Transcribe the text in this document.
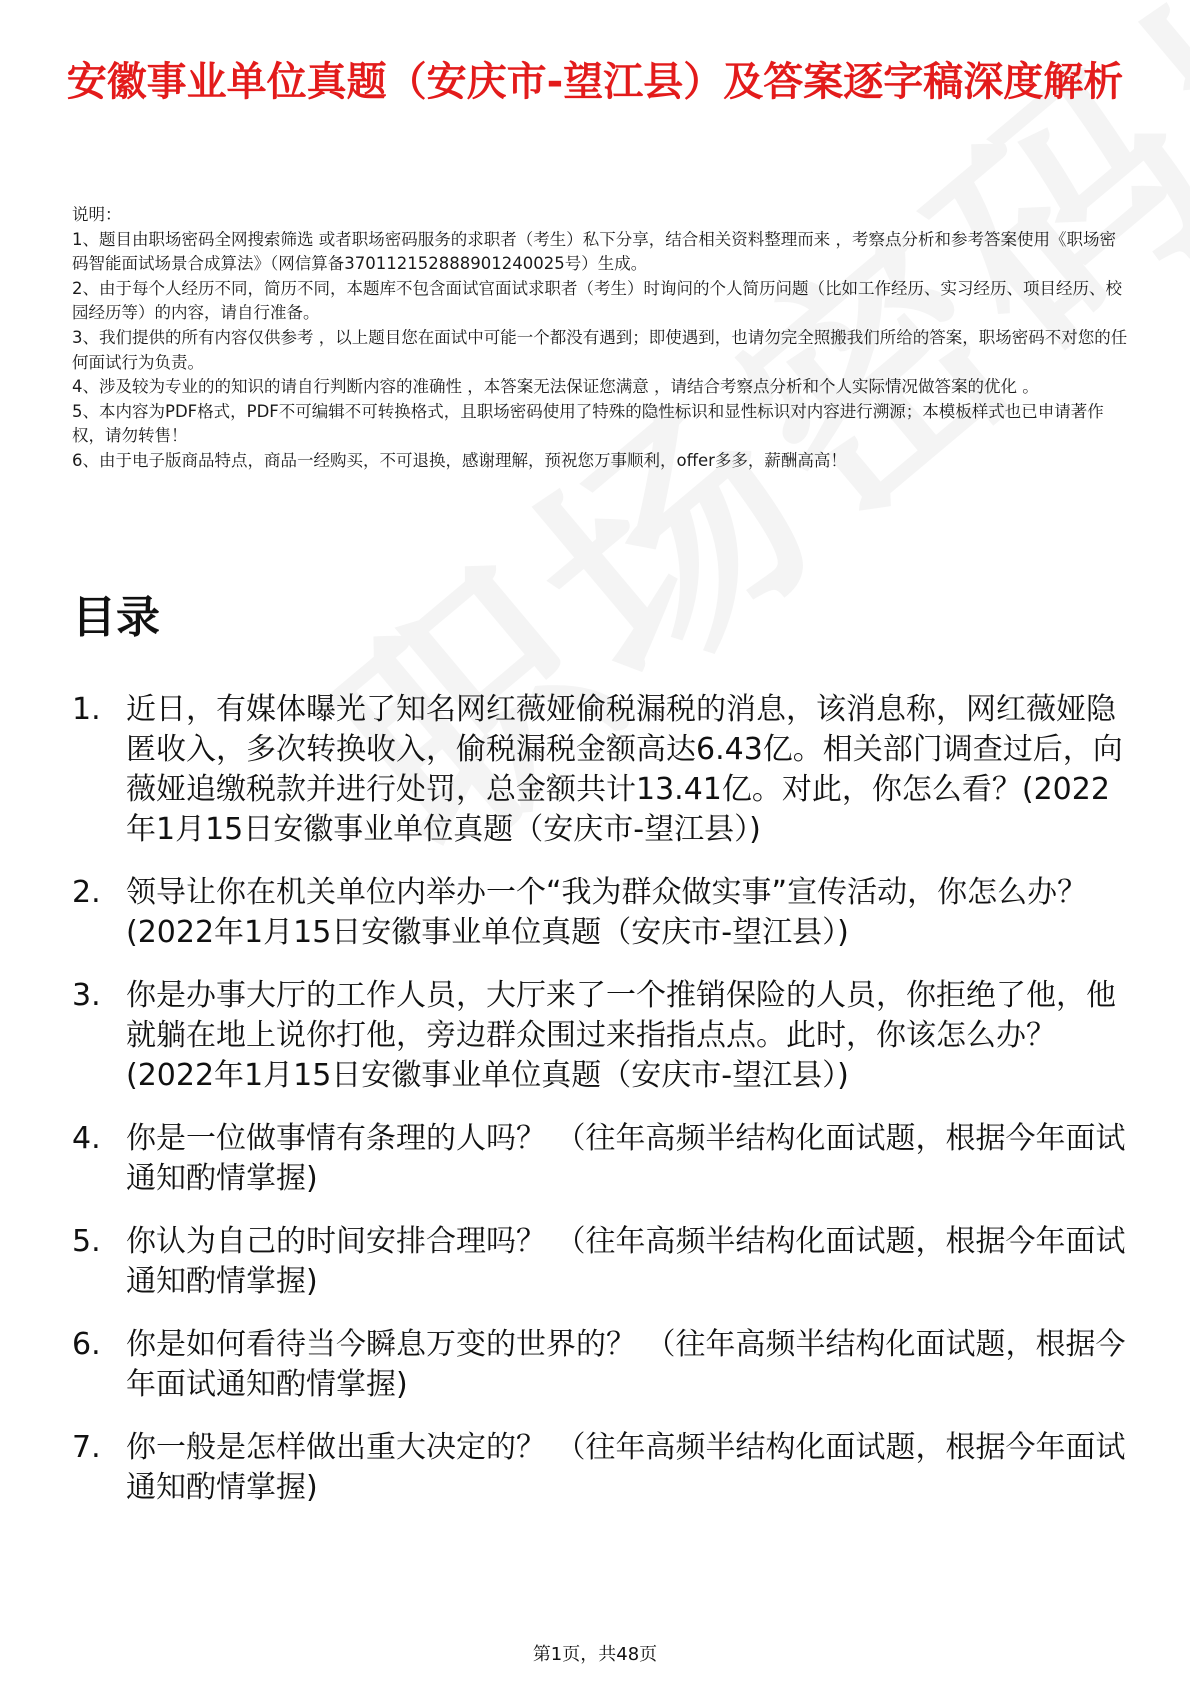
安徽事业单位真题（安庆市-望江县）及答案逐字稿深度解析

说明：

1、题目由职场密码全网搜索筛选 或者职场密码服务的求职者（考生）私下分享，结合相关资料整理而来 ，考察点分析和参考答案使用《职场密码智能面试场景合成算法》（网信算备370112152888901240025号）生成。

2、由于每个人经历不同，简历不同，本题库不包含面试官面试求职者（考生）时询问的个人简历问题（比如工作经历、实习经历、项目经历、校园经历等）的内容，请自行准备。

3、我们提供的所有内容仅供参考 ，以上题目您在面试中可能一个都没有遇到；即使遇到，也请勿完全照搬我们所给的答案，职场密码不对您的任何面试行为负责。

4、涉及较为专业的的知识的请自行判断内容的准确性 ，本答案无法保证您满意 ，请结合考察点分析和个人实际情况做答案的优化 。

5、本内容为PDF格式，PDF不可编辑不可转换格式，且职场密码使用了特殊的隐性标识和显性标识对内容进行溯源；本模板样式也已申请著作权，请勿转售！

6、由于电子版商品特点，商品一经购买，不可退换，感谢理解，预祝您万事顺利，offer多多，薪酬高高！

目录
1. 近日，有媒体曝光了知名网红薇娅偷税漏税的消息，该消息称，网红薇娅隐匿收入，多次转换收入，偷税漏税金额高达6.43亿。相关部门调查过后，向薇娅追缴税款并进行处罚，总金额共计13.41亿。对此，你怎么看？(2022年1月15日安徽事业单位真题（安庆市-望江县）)
2. 领导让你在机关单位内举办一个“我为群众做实事”宣传活动，你怎么办？(2022年1月15日安徽事业单位真题（安庆市-望江县）)
3. 你是办事大厅的工作人员，大厅来了一个推销保险的人员，你拒绝了他，他就躺在地上说你打他，旁边群众围过来指指点点。此时，你该怎么办？(2022年1月15日安徽事业单位真题（安庆市-望江县）)
4. 你是一位做事情有条理的人吗？ （往年高频半结构化面试题，根据今年面试通知酌情掌握)
5. 你认为自己的时间安排合理吗？ （往年高频半结构化面试题，根据今年面试通知酌情掌握)
6. 你是如何看待当今瞬息万变的世界的？ （往年高频半结构化面试题，根据今年面试通知酌情掌握)
7. 你一般是怎样做出重大决定的？ （往年高频半结构化面试题，根据今年面试通知酌情掌握)
第1页，共48页
